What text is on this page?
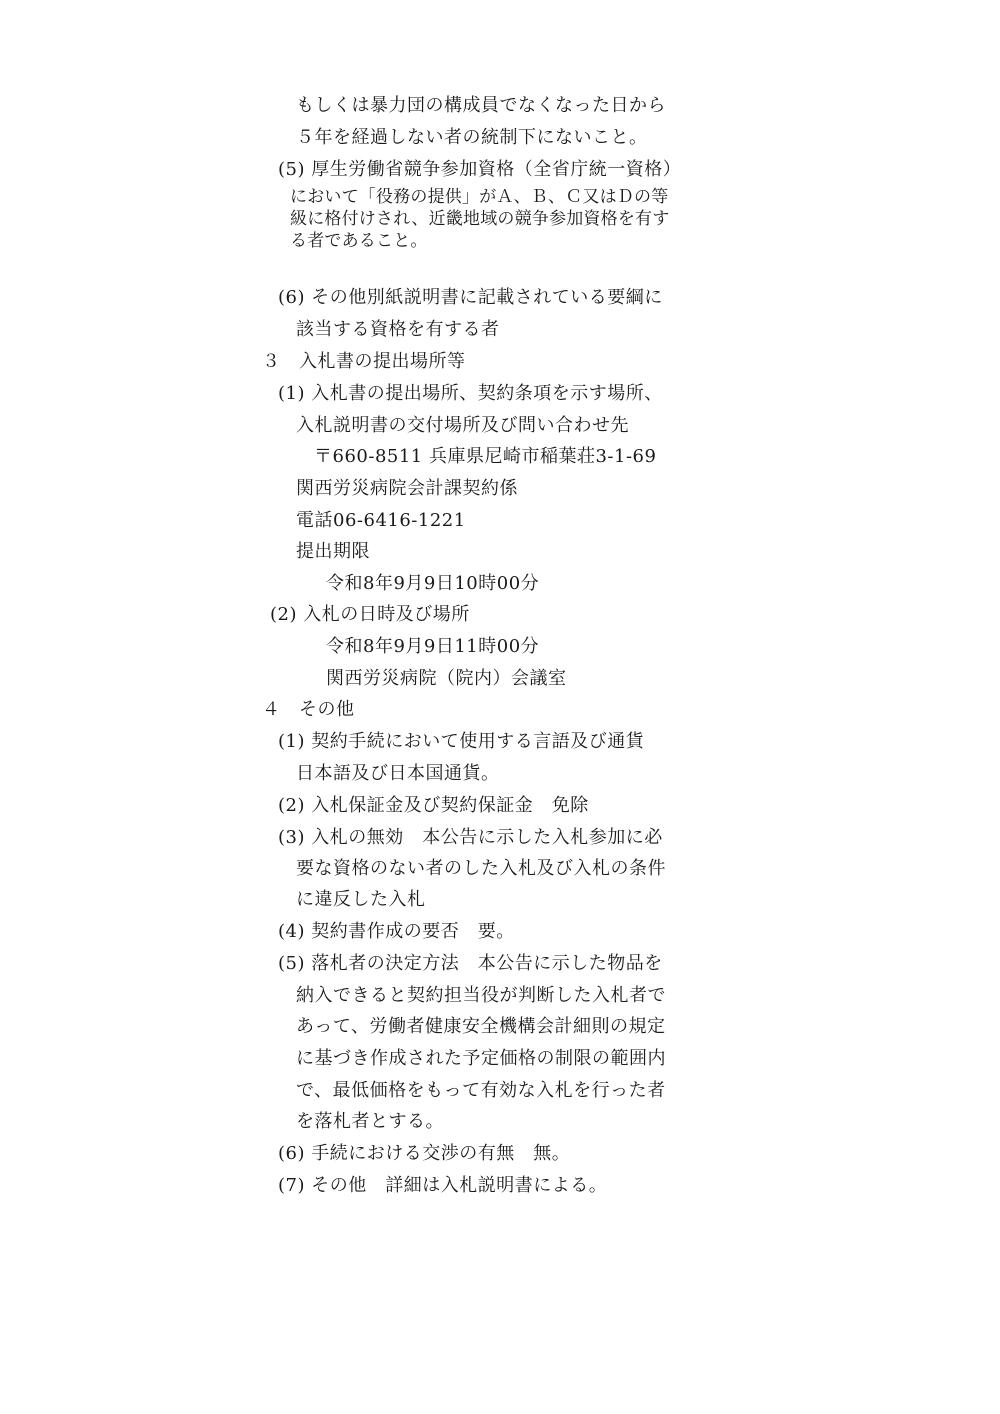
もしくは暴力団の構成員でなくなった日から
５年を経過しない者の統制下にないこと。
(5) 厚生労働省競争参加資格（全省庁統一資格）
において「役務の提供」がＡ、Ｂ、Ｃ又はＤの等
級に格付けされ、近畿地域の競争参加資格を有す
る者であること。
(6) その他別紙説明書に記載されている要綱に
該当する資格を有する者
３　入札書の提出場所等
(1) 入札書の提出場所、契約条項を示す場所、
入札説明書の交付場所及び問い合わせ先
〒660-8511 兵庫県尼崎市稲葉荘3-1-69
関西労災病院会計課契約係
電話06-6416-1221
提出期限
令和8年9月9日10時00分
(2) 入札の日時及び場所
令和8年9月9日11時00分
関西労災病院（院内）会議室
４　その他
(1) 契約手続において使用する言語及び通貨
日本語及び日本国通貨。
(2) 入札保証金及び契約保証金　免除
(3) 入札の無効　本公告に示した入札参加に必
要な資格のない者のした入札及び入札の条件
に違反した入札
(4) 契約書作成の要否　要。
(5) 落札者の決定方法　本公告に示した物品を
納入できると契約担当役が判断した入札者で
あって、労働者健康安全機構会計細則の規定
に基づき作成された予定価格の制限の範囲内
で、最低価格をもって有効な入札を行った者
を落札者とする。
(6) 手続における交渉の有無　無。
(7) その他　詳細は入札説明書による。
